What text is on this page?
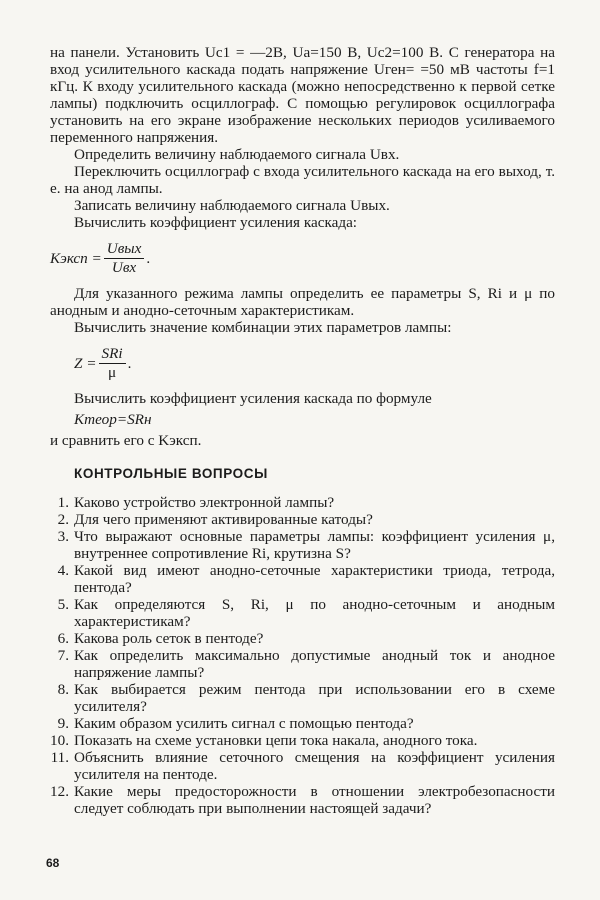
на панели. Установить Uc1 = —2В, Ua=150 В, Uc2=100 В. С генератора на вход усилительного каскада подать напряжение Uген= =50 мВ частоты f=1 кГц. К входу усилительного каскада (можно непосредственно к первой сетке лампы) подключить осциллограф. С помощью регулировок осциллографа установить на его экране изображение нескольких периодов усиливаемого переменного напряжения.

Определить величину наблюдаемого сигнала Uвх.

Переключить осциллограф с входа усилительного каскада на его выход, т. е. на анод лампы.

Записать величину наблюдаемого сигнала Uвых.

Вычислить коэффициент усиления каскада:

Kэксп = $\frac{\text{Uвых}}{\text{Uвх}}$ .

Для указанного режима лампы определить ее параметры S, Ri и μ по анодным и анодно-сеточным характеристикам.

Вычислить значение комбинации этих параметров лампы:

$Z = \frac{\text{SRi}}{\mu}$ .

Вычислить коэффициент усиления каскада по формуле

Kтеор=SRн

и сравнить его с Kэксп.

КОНТРОЛЬНЫЕ ВОПРОСЫ
1. Каково устройство электронной лампы?
2. Для чего применяют активированные катоды?
3. Что выражают основные параметры лампы: коэффициент усиления μ, внутреннее сопротивление Ri, крутизна S?
4. Какой вид имеют анодно-сеточные характеристики триода, тетрода, пентода?
5. Как определяются S, Ri, μ по анодно-сеточным и анодным характеристикам?
6. Какова роль сеток в пентоде?
7. Как определить максимально допустимые анодный ток и анодное напряжение лампы?
8. Как выбирается режим пентода при использовании его в схеме усилителя?
9. Каким образом усилить сигнал с помощью пентода?
10. Показать на схеме установки цепи тока накала, анодного тока.
11. Объяснить влияние сеточного смещения на коэффициент усиления усилителя на пентоде.
12. Какие меры предосторожности в отношении электробезопасности следует соблюдать при выполнении настоящей задачи?
68
